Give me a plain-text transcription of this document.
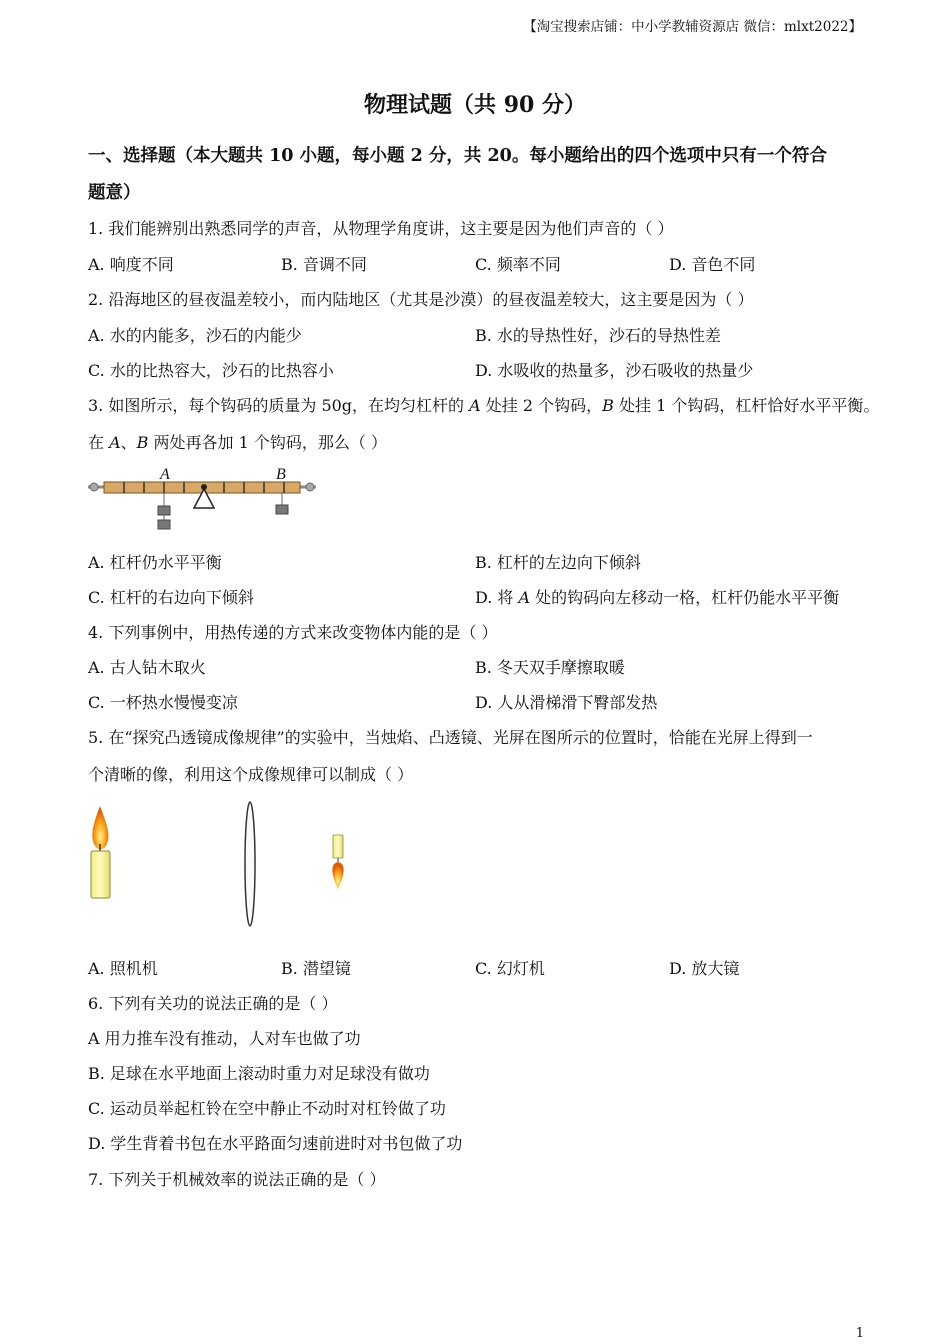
【淘宝搜索店铺：中小学教辅资源店 微信：mlxt2022】
物理试题（共 90 分）
一、选择题（本大题共 10 小题，每小题 2 分，共 20。每小题给出的四个选项中只有一个符合
题意）
1. 我们能辨别出熟悉同学的声音，从物理学角度讲，这主要是因为他们声音的（ ）
A. 响度不同	B. 音调不同	C. 频率不同	D. 音色不同
2. 沿海地区的昼夜温差较小，而内陆地区（尤其是沙漠）的昼夜温差较大，这主要是因为（ ）
A. 水的内能多，沙石的内能少	B. 水的导热性好，沙石的导热性差
C. 水的比热容大，沙石的比热容小	D. 水吸收的热量多，沙石吸收的热量少
3. 如图所示，每个钩码的质量为 50g，在均匀杠杆的 A 处挂 2 个钩码，B 处挂 1 个钩码，杠杆恰好水平平衡。
在 A、B 两处再各加 1 个钩码，那么（ ）
A	B
A. 杠杆仍水平平衡	B. 杠杆的左边向下倾斜
C. 杠杆的右边向下倾斜	D. 将 A 处的钩码向左移动一格，杠杆仍能水平平衡
4. 下列事例中，用热传递的方式来改变物体内能的是（ ）
A. 古人钻木取火	B. 冬天双手摩擦取暖
C. 一杯热水慢慢变凉	D. 人从滑梯滑下臀部发热
5. 在“探究凸透镜成像规律”的实验中，当烛焰、凸透镜、光屏在图所示的位置时，恰能在光屏上得到一
个清晰的像，利用这个成像规律可以制成（ ）
A. 照机机	B. 潜望镜	C. 幻灯机	D. 放大镜
6. 下列有关功的说法正确的是（ ）
A 用力推车没有推动，人对车也做了功
B. 足球在水平地面上滚动时重力对足球没有做功
C. 运动员举起杠铃在空中静止不动时对杠铃做了功
D. 学生背着书包在水平路面匀速前进时对书包做了功
7. 下列关于机械效率的说法正确的是（ ）
1
